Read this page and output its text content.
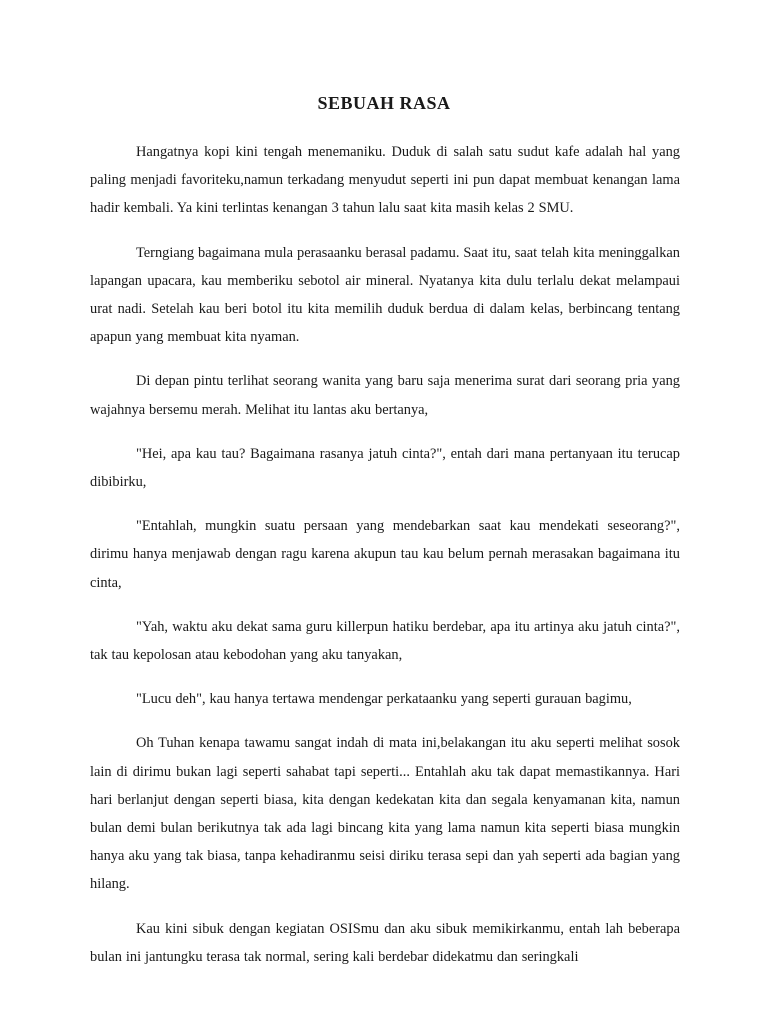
SEBUAH RASA

Hangatnya kopi kini tengah menemaniku. Duduk di salah satu sudut kafe adalah hal yang paling menjadi favoriteku,namun terkadang menyudut seperti ini pun dapat membuat kenangan lama hadir kembali. Ya kini terlintas kenangan 3 tahun lalu saat kita masih kelas 2 SMU.

Terngiang bagaimana mula perasaanku berasal padamu. Saat itu, saat telah kita meninggalkan lapangan upacara, kau memberiku sebotol air mineral. Nyatanya kita dulu terlalu dekat melampaui urat nadi. Setelah kau beri botol itu kita memilih duduk berdua di dalam kelas, berbincang tentang apapun yang membuat kita nyaman.

Di depan pintu terlihat seorang wanita yang baru saja menerima surat dari seorang pria yang wajahnya bersemu merah. Melihat itu lantas aku bertanya,

"Hei, apa kau tau? Bagaimana rasanya jatuh cinta?", entah dari mana pertanyaan itu terucap dibibirku,

"Entahlah, mungkin suatu persaan yang mendebarkan saat kau mendekati seseorang?", dirimu hanya menjawab dengan ragu karena akupun tau kau belum pernah merasakan bagaimana itu cinta,

"Yah, waktu aku dekat sama guru killerpun hatiku berdebar, apa itu artinya aku jatuh cinta?", tak tau kepolosan atau kebodohan yang aku tanyakan,

"Lucu deh", kau hanya tertawa mendengar perkataanku yang seperti gurauan bagimu,

Oh Tuhan kenapa tawamu sangat indah di mata ini,belakangan itu aku seperti melihat sosok lain di dirimu bukan lagi seperti sahabat tapi seperti... Entahlah aku tak dapat memastikannya. Hari hari berlanjut dengan seperti biasa, kita dengan kedekatan kita dan segala kenyamanan kita, namun bulan demi bulan berikutnya tak ada lagi bincang kita yang lama namun kita seperti biasa mungkin hanya aku yang tak biasa, tanpa kehadiranmu seisi diriku terasa sepi dan yah seperti ada bagian yang hilang.

Kau kini sibuk dengan kegiatan OSISmu dan aku sibuk memikirkanmu, entah lah beberapa bulan ini jantungku terasa tak normal, sering kali berdebar didekatmu dan seringkali
